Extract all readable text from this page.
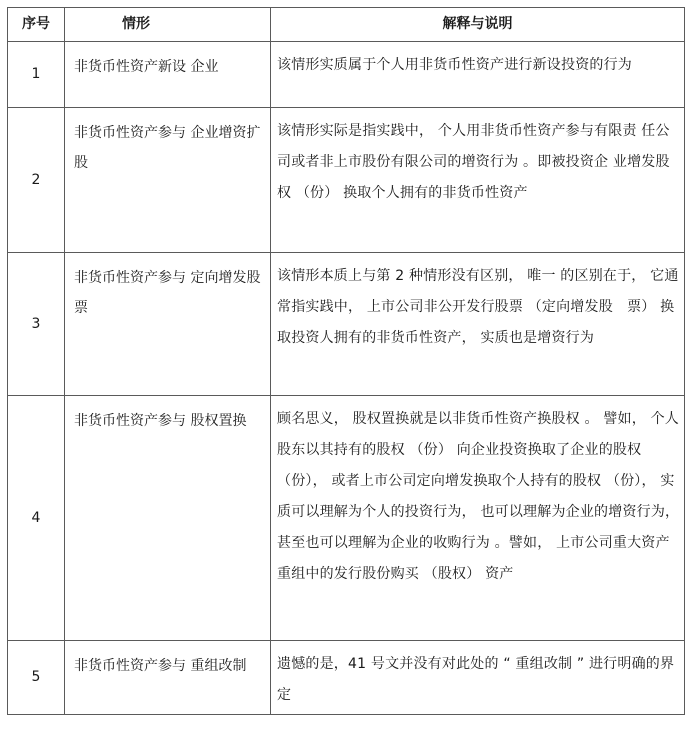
序号	情形	解释与说明
1	非货币性资产新设 企业	该情形实质属于个人用非货币性资产进行新设投资的行为
2	非货币性资产参与 企业增资扩股	该情形实际是指实践中， 个人用非货币性资产参与有限责 任公司或者非上市股份有限公司的增资行为 。即被投资企 业增发股权 （份） 换取个人拥有的非货币性资产
3	非货币性资产参与 定向增发股票	该情形本质上与第 2 种情形没有区别， 唯一 的区别在于， 它通常指实践中， 上市公司非公开发行股票 （定向增发股　票） 换取投资人拥有的非货币性资产， 实质也是增资行为
4	非货币性资产参与 股权置换	顾名思义， 股权置换就是以非货币性资产换股权 。 譬如， 个人股东以其持有的股权 （份） 向企业投资换取了企业的股权 （份）， 或者上市公司定向增发换取个人持有的股权 （份）， 实质可以理解为个人的投资行为， 也可以理解为企业的增资行为， 甚至也可以理解为企业的收购行为 。譬如， 上市公司重大资产重组中的发行股份购买 （股权） 资产
5	非货币性资产参与 重组改制	遗憾的是，41 号文并没有对此处的 “ 重组改制 ” 进行明确的界定
